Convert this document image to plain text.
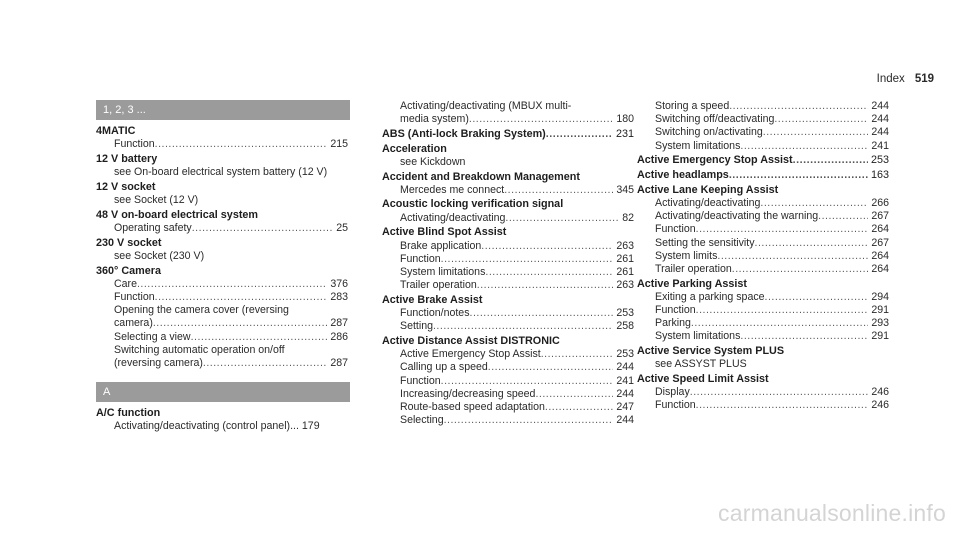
Index 519
1, 2, 3 ...
4MATIC
Function .....	215
12 V battery
see On-board electrical system battery (12 V)
12 V socket
see Socket (12 V)
48 V on-board electrical system
Operating safety .....	25
230 V socket
see Socket (230 V)
360° Camera
Care .....	376
Function .....	283
Opening the camera cover (reversing
camera) .....	287
Selecting a view .....	286
Switching automatic operation on/off
(reversing camera) .....	287
A
A/C function
Activating/deactivating (control panel)... 179
Activating/deactivating (MBUX multi-
media system) .....	180
ABS (Anti-lock Braking System) .....	231
Acceleration
see Kickdown
Accident and Breakdown Management
Mercedes me connect .....	345
Acoustic locking verification signal
Activating/deactivating .....	82
Active Blind Spot Assist
Brake application .....	263
Function .....	261
System limitations .....	261
Trailer operation .....	263
Active Brake Assist
Function/notes .....	253
Setting .....	258
Active Distance Assist DISTRONIC
Active Emergency Stop Assist .....	253
Calling up a speed .....	244
Function .....	241
Increasing/decreasing speed .....	244
Route-based speed adaptation .....	247
Selecting .....	244
Storing a speed .....	244
Switching off/deactivating .....	244
Switching on/activating .....	244
System limitations .....	241
Active Emergency Stop Assist .....	253
Active headlamps .....	163
Active Lane Keeping Assist
Activating/deactivating .....	266
Activating/deactivating the warning .....	267
Function .....	264
Setting the sensitivity .....	267
System limits .....	264
Trailer operation .....	264
Active Parking Assist
Exiting a parking space .....	294
Function .....	291
Parking .....	293
System limitations .....	291
Active Service System PLUS
see ASSYST PLUS
Active Speed Limit Assist
Display .....	246
Function .....	246
carmanualsonline.info
